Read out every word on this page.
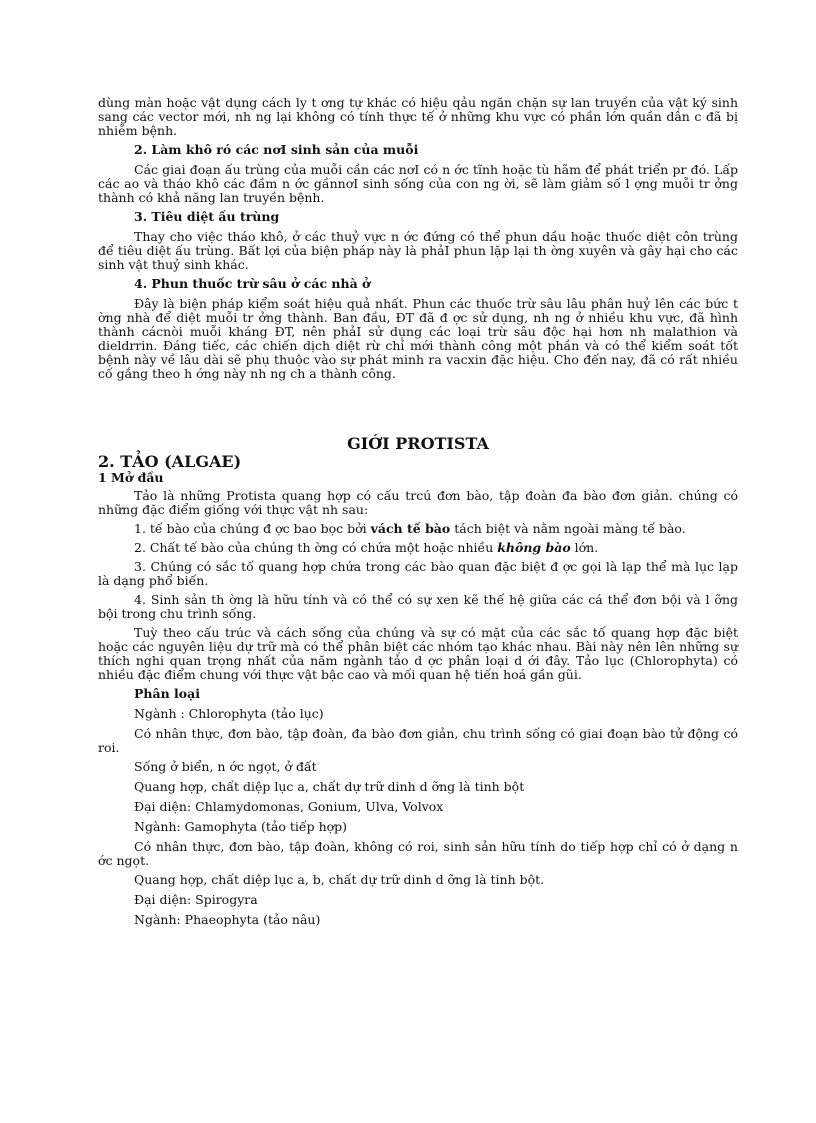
dùng màn hoặc vật dụng cách ly t ơng tự khác có hiệu qảu ngăn chặn sự lan truyền của vật ký sinh sang các vector mới, nh ng lại không có tính thực tế ở những khu vực có phần lớn quần dân c đã bị nhiễm bệnh.

2. Làm khô ró các nơI sinh sản của muỗi

Các giai đoạn ấu trùng của muỗi cần các nơI có n ớc tĩnh hoặc tù hãm để phát triển pr đó. Lấp các ao và tháo khô các đầm n ớc gầnnơI sinh sống của con ng ời, sẽ làm giảm số l ợng muỗi tr ởng thành có khả năng lan truyền bệnh.

3. Tiêu diệt ấu trùng

Thay cho việc tháo khô, ở các thuỷ vực n ớc đứng có thể phun dầu hoặc thuốc diệt côn trùng để tiêu diệt ấu trùng. Bất lợi của biện pháp này là phảI phun lặp lại th ờng xuyên và gây hại cho các sinh vật thuỷ sinh khác.

4. Phun thuốc trừ sâu ở các nhà ở

Đây là biện pháp kiểm soát hiệu quả nhất. Phun các thuốc trừ sâu lâu phân huỷ lên các bức t ờng nhà để diệt muỗi tr ởng thành. Ban đầu, ĐT đã đ ợc sử dụng, nh ng ở nhiều khu vực, đã hình thành cácnòi muỗi kháng ĐT, nên phảI sử dụng các loại trừ sâu độc hại hơn nh malathion và dieldrrin. Đáng tiếc, các chiến dịch diệt rừ chỉ mới thành công một phần và có thể kiểm soát tốt bệnh này về lâu dài sẽ phụ thuộc vào sự phát minh ra vacxin đặc hiệu. Cho đến nay, đã có rất nhiều cố gắng theo h ớng này nh ng ch a thành công.

GIỚI PROTISTA

2. TẢO (ALGAE)

1 Mở đầu

Tảo là những Protista quang hợp có cấu trcú đơn bào, tập đoàn đa bào đơn giản. chúng có những đặc điểm giống với thực vật nh sau:

1. tế bào của chúng đ ợc bao bọc bởi vách tế bào tách biệt và nằm ngoài màng tế bào.

2. Chất tế bào của chúng th ờng có chứa một hoặc nhiều không bào lớn.

3. Chúng có sắc tố quang hợp chứa trong các bào quan đặc biệt đ ợc gọi là lạp thể mà lục lạp là dạng phổ biến.

4. Sinh sản th ờng là hữu tính và có thể có sự xen kẽ thế hệ giữa các cá thể đơn bội và l ỡng bội trong chu trình sống.

Tuỳ theo cấu trúc và cách sống của chúng và sự có mặt của các sắc tố quang hợp đặc biệt hoặc các nguyên liệu dự trữ mà có thể phân biệt các nhóm tạo khác nhau. Bài này nên lên những sự thích nghi quan trọng nhất của năm ngành tảo d ợc phân loại d ới đây. Tảo lục (Chlorophyta) có nhiều đặc điểm chung với thực vật bậc cao và mối quan hệ tiến hoá gần gũi.

Phân loại

Ngành : Chlorophyta (tảo lục)

Có nhân thực, đơn bào, tập đoàn, đa bào đơn giản, chu trình sống có giai đoạn bào tử động có roi.

Sống ở biển, n ớc ngọt, ở đất

Quang hợp, chất diệp lục a, chất dự trữ dinh d ỡng là tinh bột

Đại diện: Chlamydomonas, Gonium, Ulva, Volvox

Ngành: Gamophyta (tảo tiếp hợp)

Có nhân thực, đơn bào, tập đoàn, không có roi, sinh sản hữu tính do tiếp hợp chỉ có ở dạng n ớc ngọt.

Quang hợp, chất diệp lục a, b, chất dự trữ dinh d ỡng là tinh bột.

Đại diện: Spirogyra

Ngành: Phaeophyta (tảo nâu)
